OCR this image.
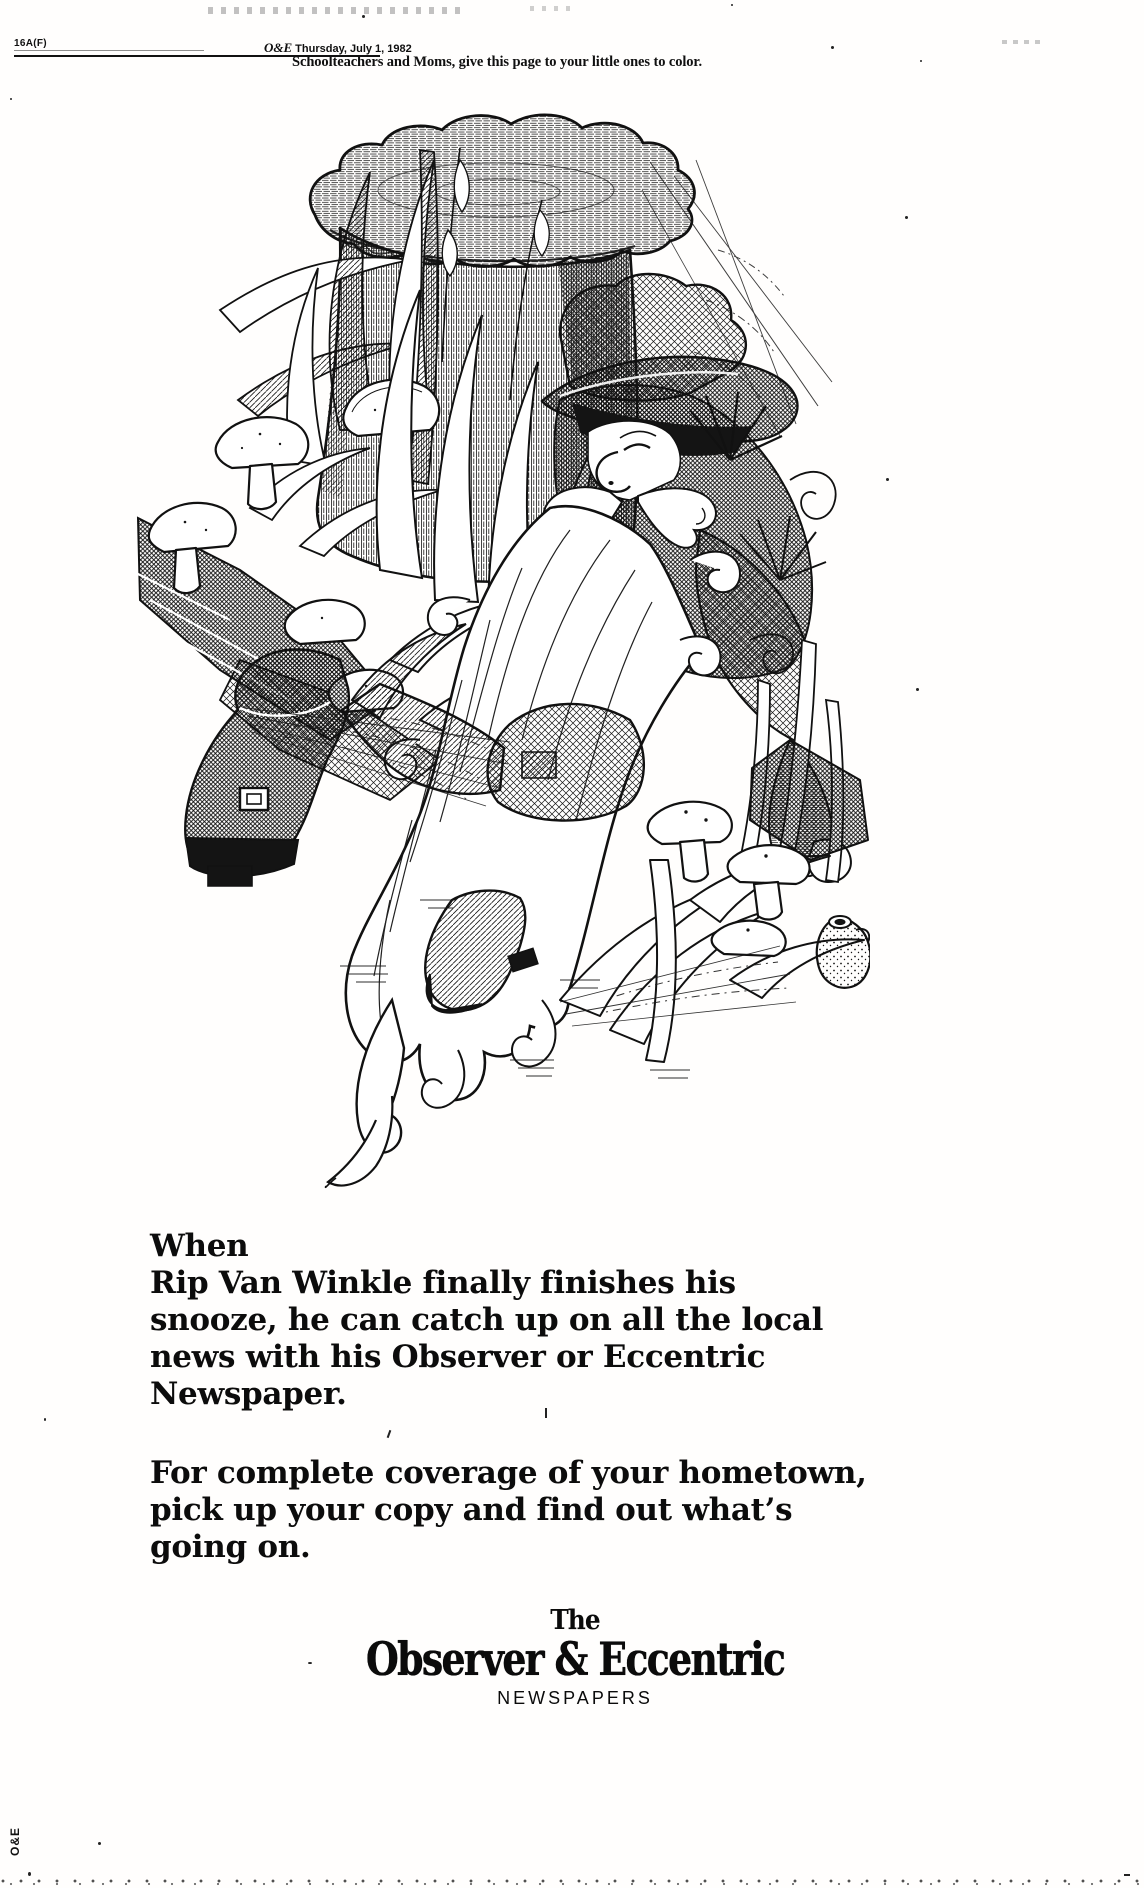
16A(F)	O&E Thursday, July 1, 1982
Schoolteachers and Moms, give this page to your little ones to color.
When
Rip Van Winkle finally finishes his
snooze, he can catch up on all the local
news with his Observer or Eccentric
Newspaper.
For complete coverage of your hometown,
pick up your copy and find out what’s
going on.
The
Observer & Eccentric
NEWSPAPERS
O&E
